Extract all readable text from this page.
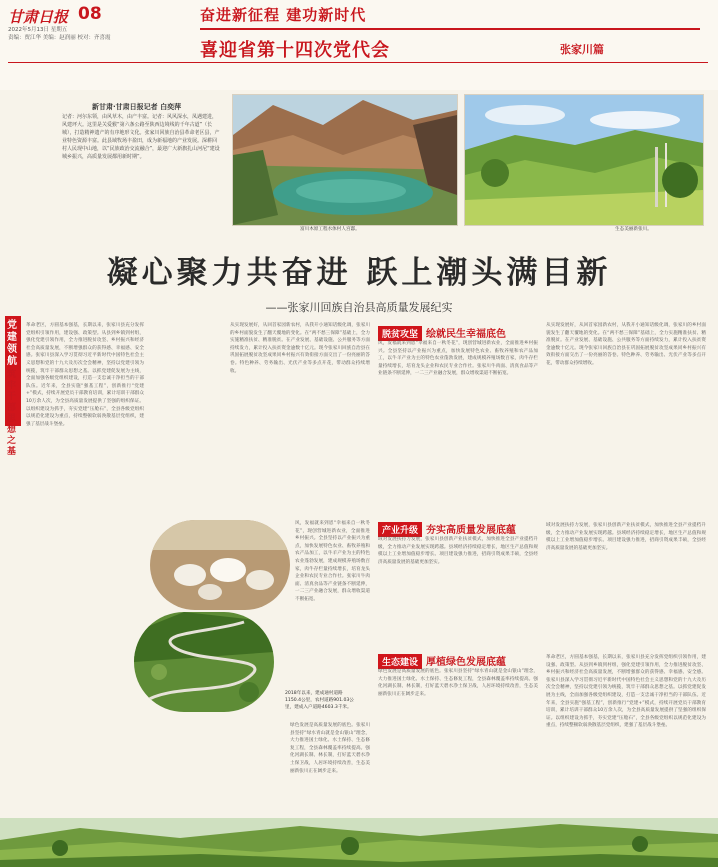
甘肃日报 08
2022年5月13日 星期五
责编：贾江华 美编：赵润丽 校对：齐喜霞
奋进新征程 建功新时代
喜迎省第十四次党代会	张家川篇
新甘肃·甘肃日报记者 白奕萍
记者：河尔东领，由风草木，由产丰富。记者：风风深水，凤遇建进，风建坪大。这里是关爱猴“第六条公路至陕西边境线的千年古道”（长城），打造精神遗产的有序地形文化。张家川回族自治县革命老区县，产业特色资源丰富。此县域牧场丰盈田，成为新福地的产业发展。深耕回村人民现中山地，以“民族政治交流融合”，最迎广大新旗扎山河尼“建设城乡振兴，高质量发展都用新时期”。
富川木原工程水体村人宫邸。	生态美丽新张川。
凝心聚力共奋进 跃上潮头满目新
——张家川回族自治县高质量发展纪实
党建领航
筑牢干部思想之基
革命老区，方圆基本强基，长期以来，张家川县充分发挥党组织引领作用，建设强、政策型。从县到乡镇到村组，强化党建引领作用，全力推进脱贫攻坚、乡村振兴和经济社会高质量发展，不断增强群众的获得感、幸福感、安全感。张家川县深入学习贯彻习近平新时代中国特色社会主义思想和党的十九大及历次全会精神，坚持以党建引领为统揽，筑牢干部群众思想之基。以抓党建促发展为主线，全面加强各级党组织建设，打造一支忠诚干净担当的干部队伍。近年来，全县实施“强基工程”，创新推行“党建+”模式，持续开展党员干部教育培训，累计培训干部群众10万余人次，为全县高质量发展提供了坚强的组织保证。以组织建设为抓手，夯实党建“压舱石”，全县各级党组织以规范化建设为重点，持续整顿软弱涣散基层党组织，建强了基层战斗堡垒。
2018年以来，建成通村道路1150.4公里，农村道路901.03公里，建成入户道路4603.3千米。
从实现发展好，从回首家园新农村，从我开小通知话级化调，张家川的乡村面貌发生了翻天覆地的变化。在“两不愁三保障”基础上，全力实施精准扶贫、精准脱贫。在产业发展、基础设施、公共服务等方面持续发力，累计投入扶贫资金逾数十亿元。现今张家川回族自治县在巩固拓展脱贫攻坚成果同乡村振兴有效衔接方面交出了一份亮丽的答卷。特色种养、劳务输出、光伏产业等多点开花，带动群众持续增收。
风，发福就来到恩“幸福来自一秋冬花”，现创营城进新农业，全面推进乡村振兴。全县坚持以产业振兴为重点，加快发展特色农业、畜牧养殖和农产品加工，以牛羊产业为主的特色农业蓬勃发展，建成规模养殖场数百家，肉牛存栏量持续增长，培育龙头企业和农民专业合作社。张家川牛肉面、清真食品等产业链条不断延伸，一二三产业融合发展，群众增收渠道不断拓宽。
脱贫攻坚 绘就民生幸福底色
风，发福就来到恩“幸福来自一秋冬花”，现创营城进新农业，全面推进乡村振兴。全县坚持以产业振兴为重点，加快发展特色农业、畜牧养殖和农产品加工，以牛羊产业为主的特色农业蓬勃发展，建成规模养殖场数百家，肉牛存栏量持续增长，培育龙头企业和农民专业合作社。张家川牛肉面、清真食品等产业链条不断延伸，一二三产业融合发展，群众增收渠道不断拓宽。
从实现发展好，从回首家园新农村，从我开小通知话级化调，张家川的乡村面貌发生了翻天覆地的变化。在“两不愁三保障”基础上，全力实施精准扶贫、精准脱贫。在产业发展、基础设施、公共服务等方面持续发力，累计投入扶贫资金逾数十亿元。现今张家川回族自治县在巩固拓展脱贫攻坚成果同乡村振兴有效衔接方面交出了一份亮丽的答卷。特色种养、劳务输出、光伏产业等多点开花，带动群众持续增收。
产业升级 夯实高质量发展底蕴
域对发展扶持力发展，张家川县创新产业扶贫模式，加快推进全县产业提档升级，全力推动产业发展实现跨越。县域经济持续稳定增长，地区生产总值和规模以上工业增加值稳步增长。项目建设强力推进，招商引资成果丰硕，全县经济高质量发展的基础更加坚实。
域对发展扶持力发展，张家川县创新产业扶贫模式，加快推进全县产业提档升级，全力推动产业发展实现跨越。县域经济持续稳定增长，地区生产总值和规模以上工业增加值稳步增长。项目建设强力推进，招商引资成果丰硕，全县经济高质量发展的基础更加坚实。
生态建设 厚植绿色发展底蕴
绿色发展是高质量发展的底色。张家川县坚持“绿水青山就是金山银山”理念，大力推进国土绿化、水土保持、生态修复工程，全县森林覆盖率持续提高。强化河湖长制、林长制，打好蓝天碧水净土保卫战，人居环境持续改善，生态美丽新张川正在阔步走来。
绿色发展是高质量发展的底色。张家川县坚持“绿水青山就是金山银山”理念，大力推进国土绿化、水土保持、生态修复工程，全县森林覆盖率持续提高。强化河湖长制、林长制，打好蓝天碧水净土保卫战，人居环境持续改善，生态美丽新张川正在阔步走来。
革命老区，方圆基本强基，长期以来，张家川县充分发挥党组织引领作用，建设强、政策型。从县到乡镇到村组，强化党建引领作用，全力推进脱贫攻坚、乡村振兴和经济社会高质量发展，不断增强群众的获得感、幸福感、安全感。张家川县深入学习贯彻习近平新时代中国特色社会主义思想和党的十九大及历次全会精神，坚持以党建引领为统揽，筑牢干部群众思想之基。以抓党建促发展为主线，全面加强各级党组织建设，打造一支忠诚干净担当的干部队伍。近年来，全县实施“强基工程”，创新推行“党建+”模式，持续开展党员干部教育培训，累计培训干部群众10万余人次，为全县高质量发展提供了坚强的组织保证。以组织建设为抓手，夯实党建“压舱石”，全县各级党组织以规范化建设为重点，持续整顿软弱涣散基层党组织，建强了基层战斗堡垒。
